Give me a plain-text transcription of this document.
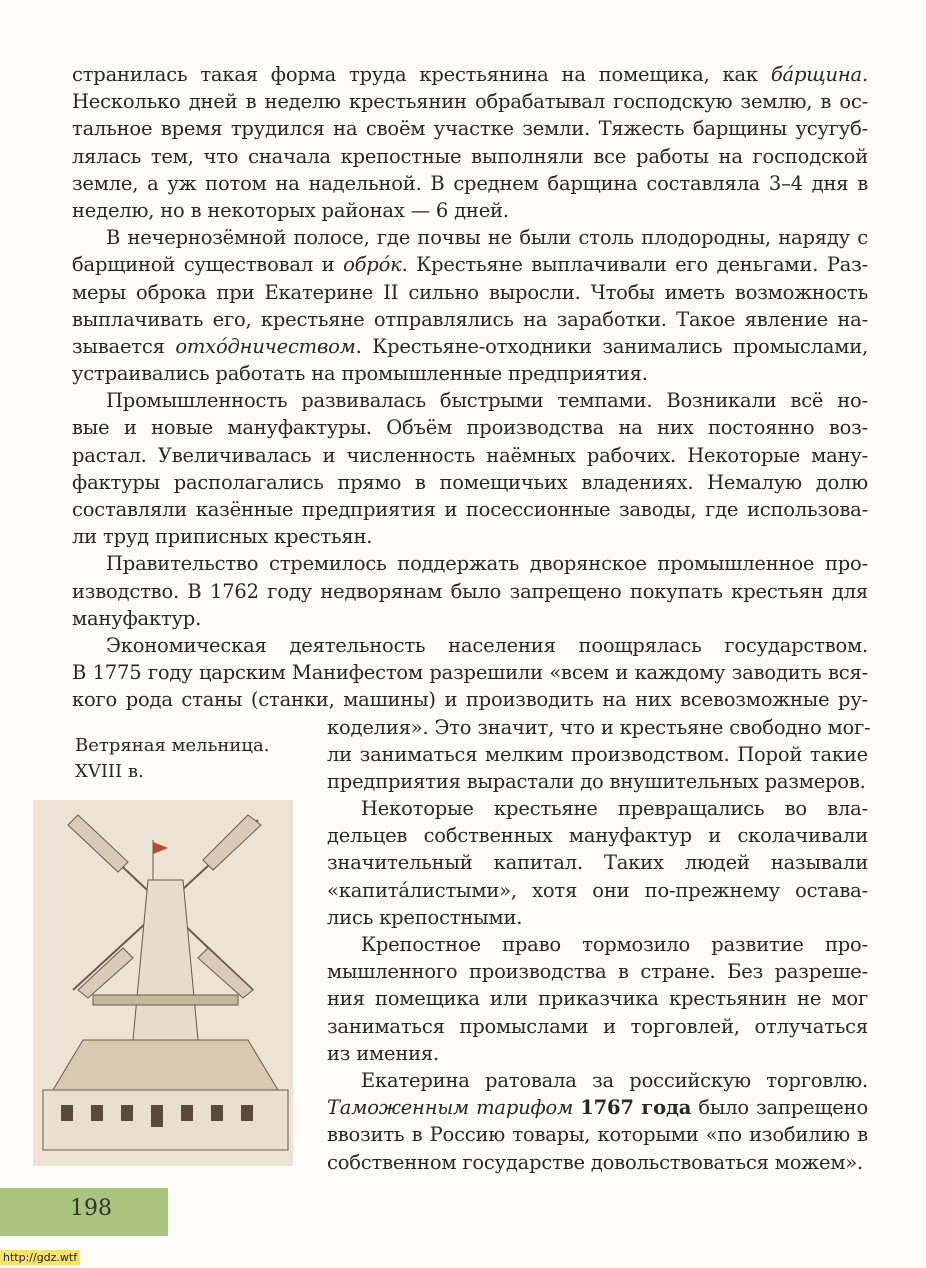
странилась такая форма труда крестьянина на помещика, как бáрщина.
Несколько дней в неделю крестьянин обрабатывал господскую землю, в ос-
тальное время трудился на своём участке земли. Тяжесть барщины усугуб-
лялась тем, что сначала крепостные выполняли все работы на господской
земле, а уж потом на надельной. В среднем барщина составляла 3–4 дня в
неделю, но в некоторых районах — 6 дней.
В нечернозёмной полосе, где почвы не были столь плодородны, наряду с
барщиной существовал и обрóк. Крестьяне выплачивали его деньгами. Раз-
меры оброка при Екатерине II сильно выросли. Чтобы иметь возможность
выплачивать его, крестьяне отправлялись на заработки. Такое явление на-
зывается отхóдничеством. Крестьяне-отходники занимались промыслами,
устраивались работать на промышленные предприятия.
Промышленность развивалась быстрыми темпами. Возникали всё но-
вые и новые мануфактуры. Объём производства на них постоянно воз-
растал. Увеличивалась и численность наёмных рабочих. Некоторые ману-
фактуры располагались прямо в помещичьих владениях. Немалую долю
составляли казённые предприятия и посессионные заводы, где использова-
ли труд приписных крестьян.
Правительство стремилось поддержать дворянское промышленное про-
изводство. В 1762 году недворянам было запрещено покупать крестьян для
мануфактур.
Экономическая деятельность населения поощрялась государством.
В 1775 году царским Манифестом разрешили «всем и каждому заводить вся-
кого рода станы (станки, машины) и производить на них всевозможные ру-
коделия». Это значит, что и крестьяне свободно мог-
ли заниматься мелким производством. Порой такие
предприятия вырастали до внушительных размеров.
Некоторые крестьяне превращались во вла-
дельцев собственных мануфактур и сколачивали
значительный капитал. Таких людей называли
«капитáлистыми», хотя они по-прежнему остава-
лись крепостными.
Крепостное право тормозило развитие про-
мышленного производства в стране. Без разреше-
ния помещика или приказчика крестьянин не мог
заниматься промыслами и торговлей, отлучаться
из имения.
Екатерина ратовала за российскую торговлю.
Таможенным тарифом 1767 года было запрещено
ввозить в Россию товары, которыми «по изобилию в
собственном государстве довольствоваться можем».
Ветряная мельница.
XVIII в.
198
http://gdz.wtf
